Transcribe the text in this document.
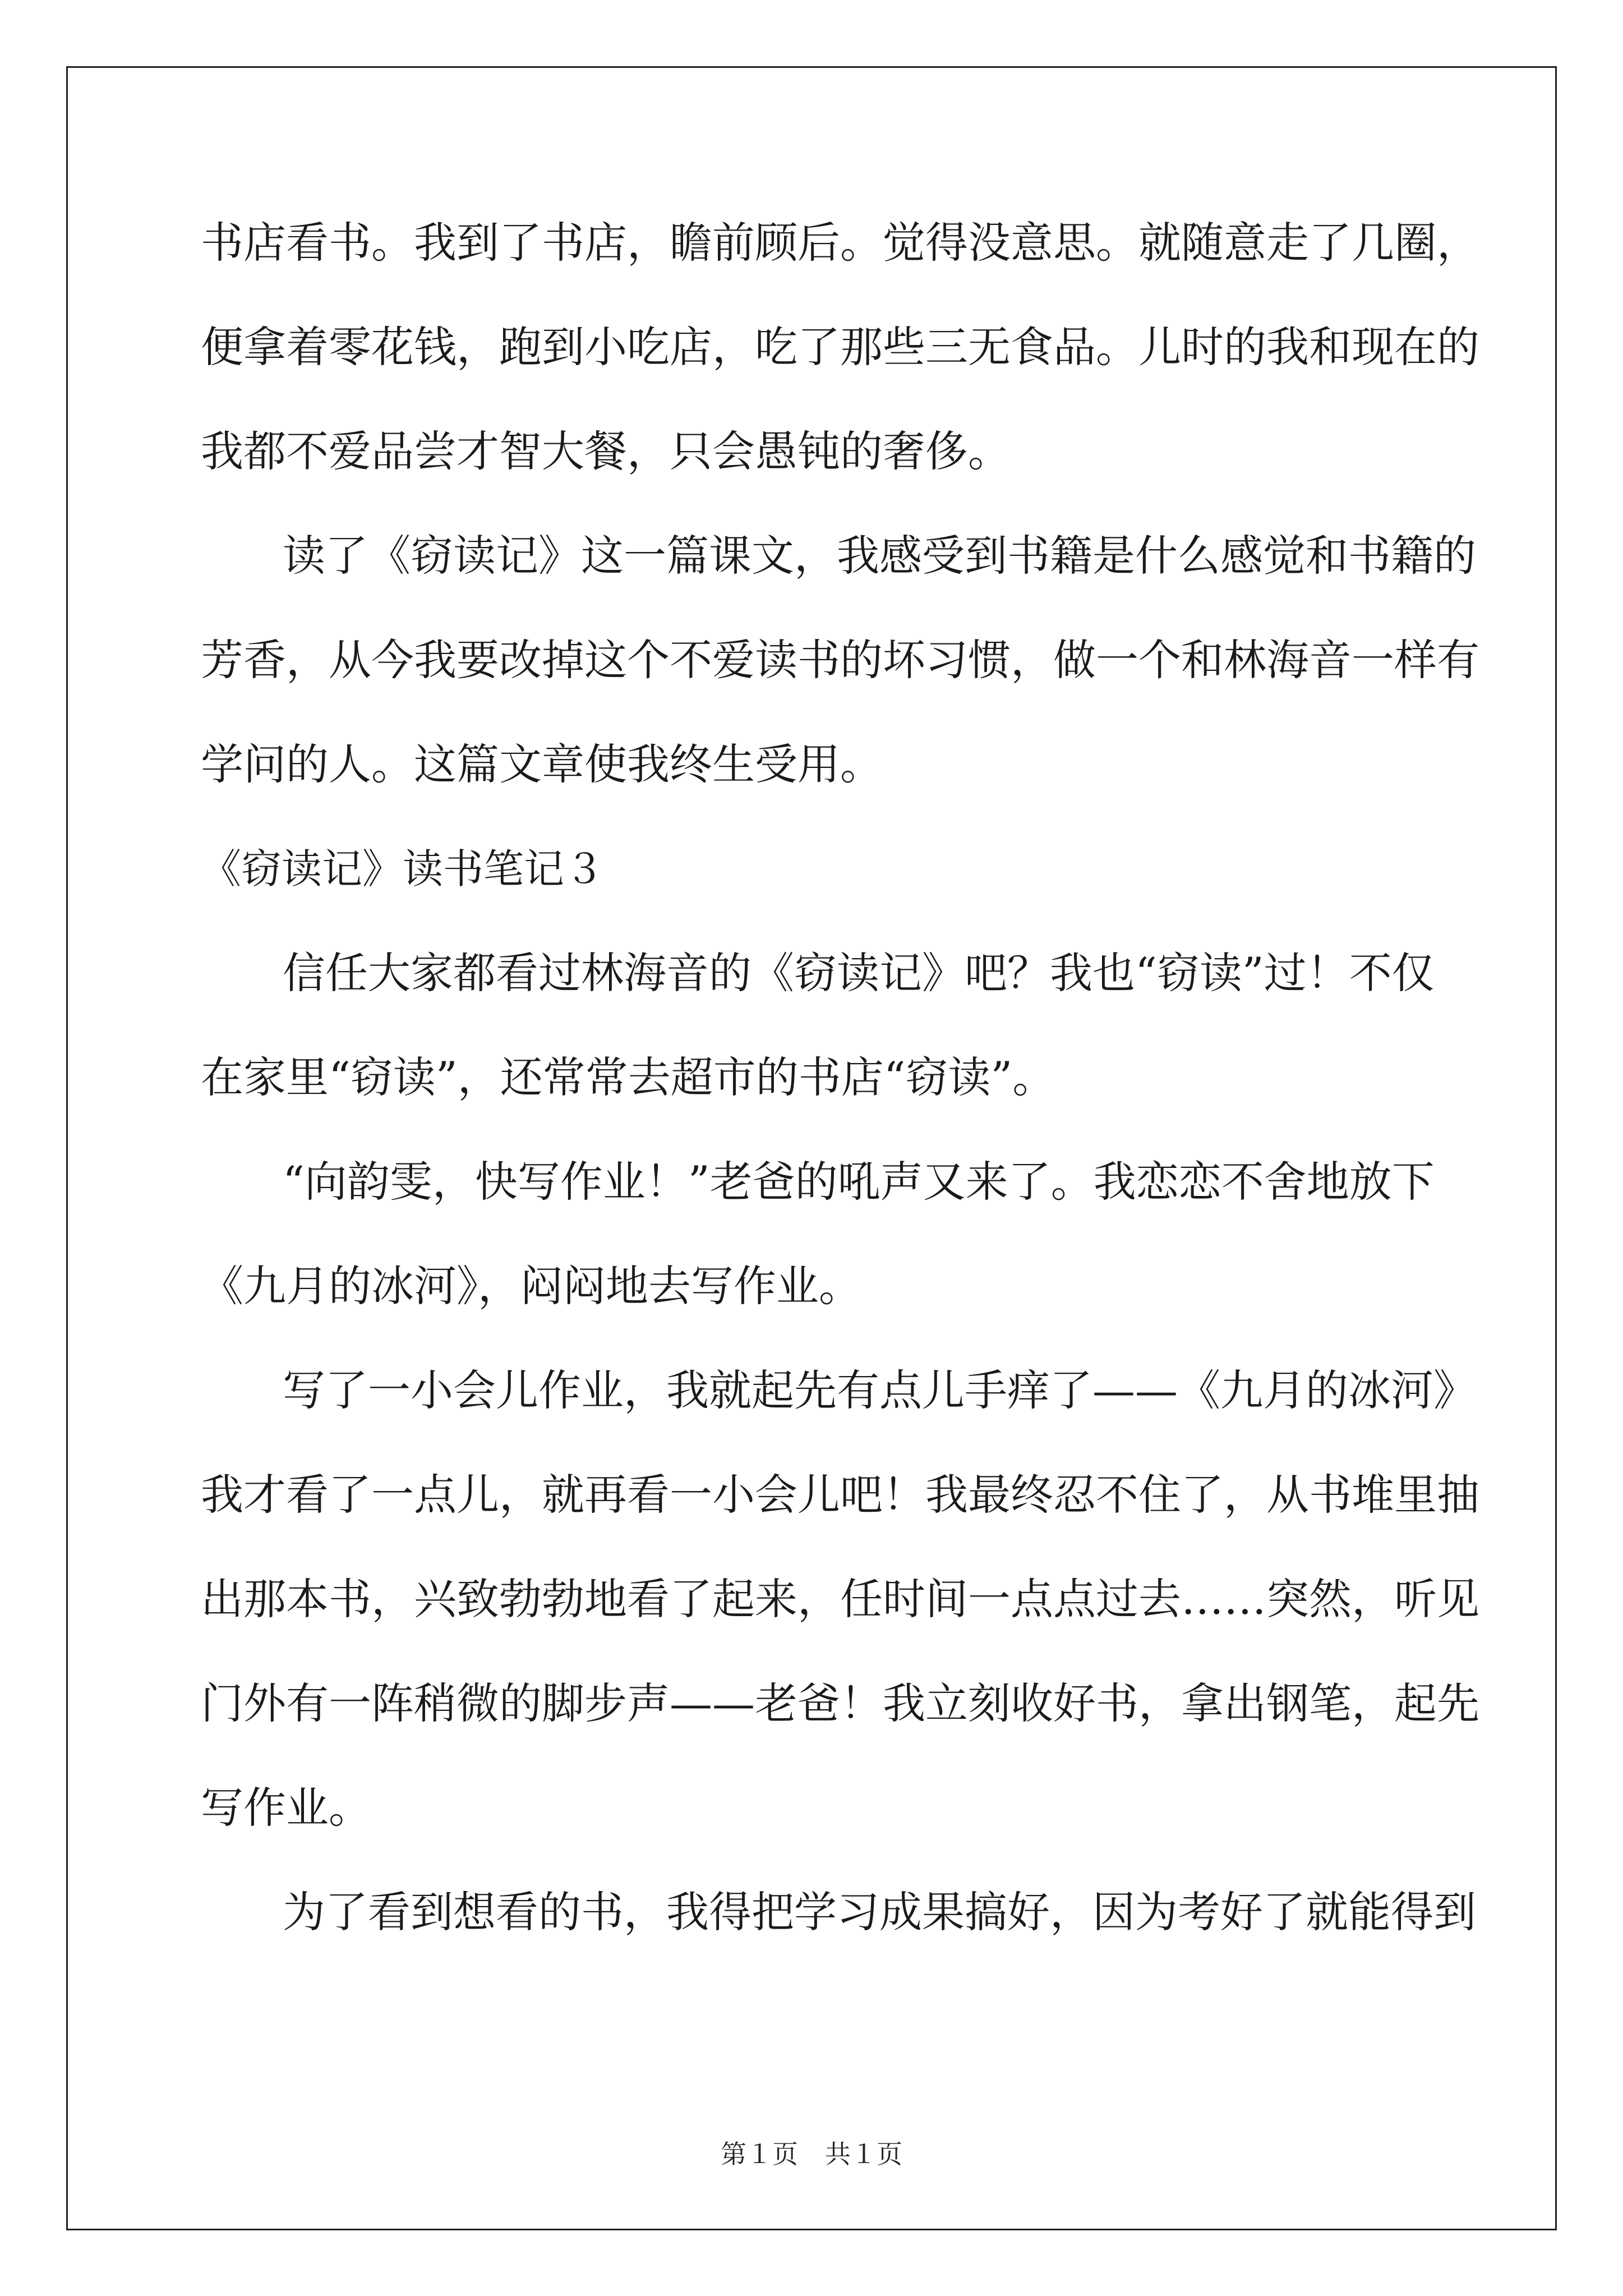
书店看书。我到了书店，瞻前顾后。觉得没意思。就随意走了几圈，
便拿着零花钱，跑到小吃店，吃了那些三无食品。儿时的我和现在的
我都不爱品尝才智大餐，只会愚钝的奢侈。
读了《窃读记》这一篇课文，我感受到书籍是什么感觉和书籍的
芳香，从今我要改掉这个不爱读书的坏习惯，做一个和林海音一样有
学问的人。这篇文章使我终生受用。
《窃读记》读书笔记３
信任大家都看过林海音的《窃读记》吧？我也“窃读”过！不仅
在家里“窃读”，还常常去超市的书店“窃读”。
“向韵雯，快写作业！”老爸的吼声又来了。我恋恋不舍地放下
《九月的冰河》，闷闷地去写作业。
写了一小会儿作业，我就起先有点儿手痒了——《九月的冰河》
我才看了一点儿，就再看一小会儿吧！我最终忍不住了，从书堆里抽
出那本书，兴致勃勃地看了起来，任时间一点点过去……突然，听见
门外有一阵稍微的脚步声——老爸！我立刻收好书，拿出钢笔，起先
写作业。
为了看到想看的书，我得把学习成果搞好，因为考好了就能得到
第１页 共１页
